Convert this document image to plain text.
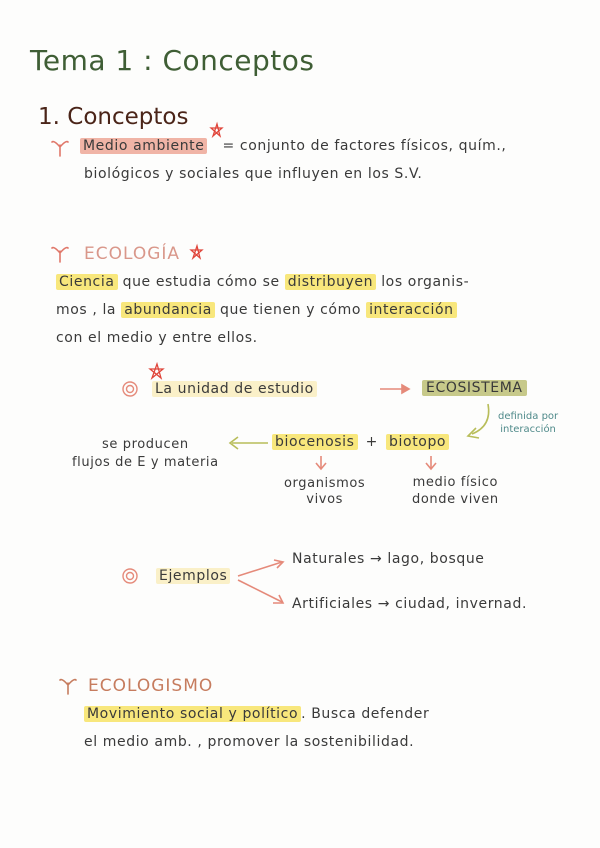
Tema 1 : Conceptos
1. Conceptos
Medio ambiente = conjunto de factores físicos, quím.,
biológicos y sociales que influyen en los S.V.
ECOLOGÍA
Ciencia que estudia cómo se distribuyen los organis-
mos , la abundancia que tienen y cómo interacción
con el medio y entre ellos.
La unidad de estudio	ECOSISTEMA
definida por
interacción
biocenosis + biotopo
se producen
flujos de E y materia
organismos
vivos
medio físico
donde viven
Ejemplos
Naturales → lago, bosque
Artificiales → ciudad, invernad.
ECOLOGISMO
Movimiento social y político . Busca defender
el medio amb. , promover la sostenibilidad.
